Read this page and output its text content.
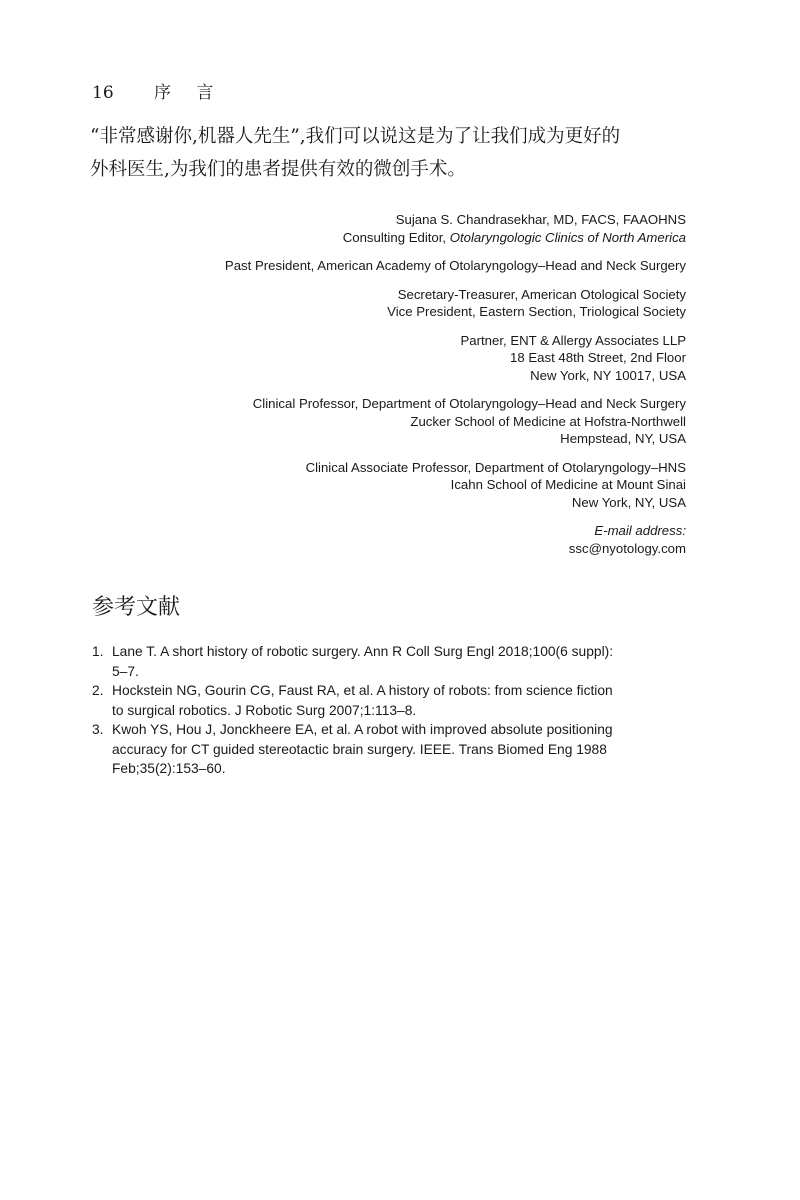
16	序 言

“非常感谢你,机器人先生”,我们可以说这是为了让我们成为更好的
外科医生,为我们的患者提供有效的微创手术。

Sujana S. Chandrasekhar, MD, FACS, FAAOHNS
Consulting Editor, Otolaryngologic Clinics of North America
Past President, American Academy of Otolaryngology–Head and Neck Surgery
Secretary-Treasurer, American Otological Society
Vice President, Eastern Section, Triological Society
Partner, ENT & Allergy Associates LLP
18 East 48th Street, 2nd Floor
New York, NY 10017, USA
Clinical Professor, Department of Otolaryngology–Head and Neck Surgery
Zucker School of Medicine at Hofstra-Northwell
Hempstead, NY, USA
Clinical Associate Professor, Department of Otolaryngology–HNS
Icahn School of Medicine at Mount Sinai
New York, NY, USA
E-mail address:
ssc@nyotology.com
参考文献
1. Lane T. A short history of robotic surgery. Ann R Coll Surg Engl 2018;100(6 suppl):
5–7.
2. Hockstein NG, Gourin CG, Faust RA, et al. A history of robots: from science fiction
to surgical robotics. J Robotic Surg 2007;1:113–8.
3. Kwoh YS, Hou J, Jonckheere EA, et al. A robot with improved absolute positioning
accuracy for CT guided stereotactic brain surgery. IEEE. Trans Biomed Eng 1988
Feb;35(2):153–60.
